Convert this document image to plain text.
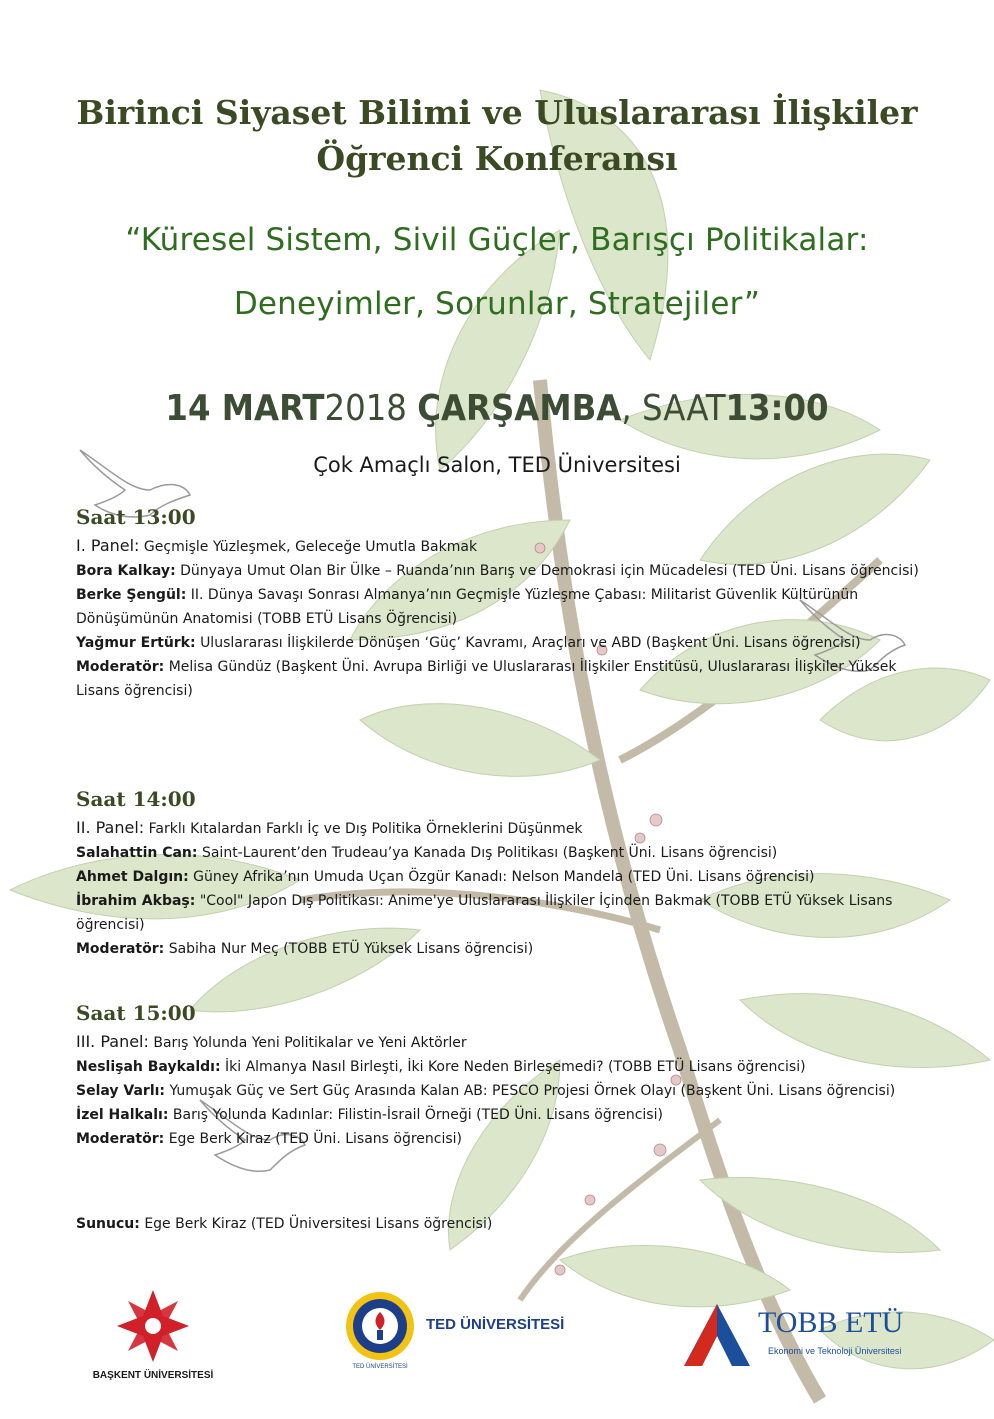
Birinci Siyaset Bilimi ve Uluslararası İlişkiler
Öğrenci Konferansı
“Küresel Sistem, Sivil Güçler, Barışçı Politikalar:
Deneyimler, Sorunlar, Stratejiler”
14 MART2018 ÇARŞAMBA, SAAT13:00
Çok Amaçlı Salon, TED Üniversitesi
Saat 13:00
I. Panel: Geçmişle Yüzleşmek, Geleceğe Umutla Bakmak
Bora Kalkay: Dünyaya Umut Olan Bir Ülke – Ruanda’nın Barış ve Demokrasi için Mücadelesi (TED Üni. Lisans öğrencisi)
Berke Şengül: II. Dünya Savaşı Sonrası Almanya’nın Geçmişle Yüzleşme Çabası: Militarist Güvenlik Kültürünün Dönüşümünün Anatomisi (TOBB ETÜ Lisans Öğrencisi)
Yağmur Ertürk: Uluslararası İlişkilerde Dönüşen ‘Güç’ Kavramı, Araçları ve ABD (Başkent Üni. Lisans öğrencisi)
Moderatör: Melisa Gündüz (Başkent Üni. Avrupa Birliği ve Uluslararası İlişkiler Enstitüsü, Uluslararası İlişkiler Yüksek Lisans öğrencisi)
Saat 14:00
II. Panel: Farklı Kıtalardan Farklı İç ve Dış Politika Örneklerini Düşünmek
Salahattin Can: Saint-Laurent’den Trudeau’ya Kanada Dış Politikası (Başkent Üni. Lisans öğrencisi)
Ahmet Dalgın: Güney Afrika’nın Umuda Uçan Özgür Kanadı: Nelson Mandela (TED Üni. Lisans öğrencisi)
İbrahim Akbaş: "Cool" Japon Dış Politikası: Anime'ye Uluslararası İlişkiler İçinden Bakmak (TOBB ETÜ Yüksek Lisans öğrencisi)
Moderatör: Sabiha Nur Meç (TOBB ETÜ Yüksek Lisans öğrencisi)
Saat 15:00
III. Panel: Barış Yolunda Yeni Politikalar ve Yeni Aktörler
Neslişah Baykaldı: İki Almanya Nasıl Birleşti, İki Kore Neden Birleşemedi? (TOBB ETÜ Lisans öğrencisi)
Selay Varlı: Yumuşak Güç ve Sert Güç Arasında Kalan AB: PESCO Projesi Örnek Olayı (Başkent Üni. Lisans öğrencisi)
İzel Halkalı: Barış Yolunda Kadınlar: Filistin-İsrail Örneği (TED Üni. Lisans öğrencisi)
Moderatör: Ege Berk Kiraz (TED Üni. Lisans öğrencisi)
Sunucu: Ege Berk Kiraz (TED Üniversitesi Lisans öğrencisi)
BAŞKENT ÜNİVERSİTESİ
TED ÜNİVERSİTESİ
TED ÜNİVERSİTESİ	TOBB ETÜ
Ekonomi ve Teknoloji Üniversitesi
